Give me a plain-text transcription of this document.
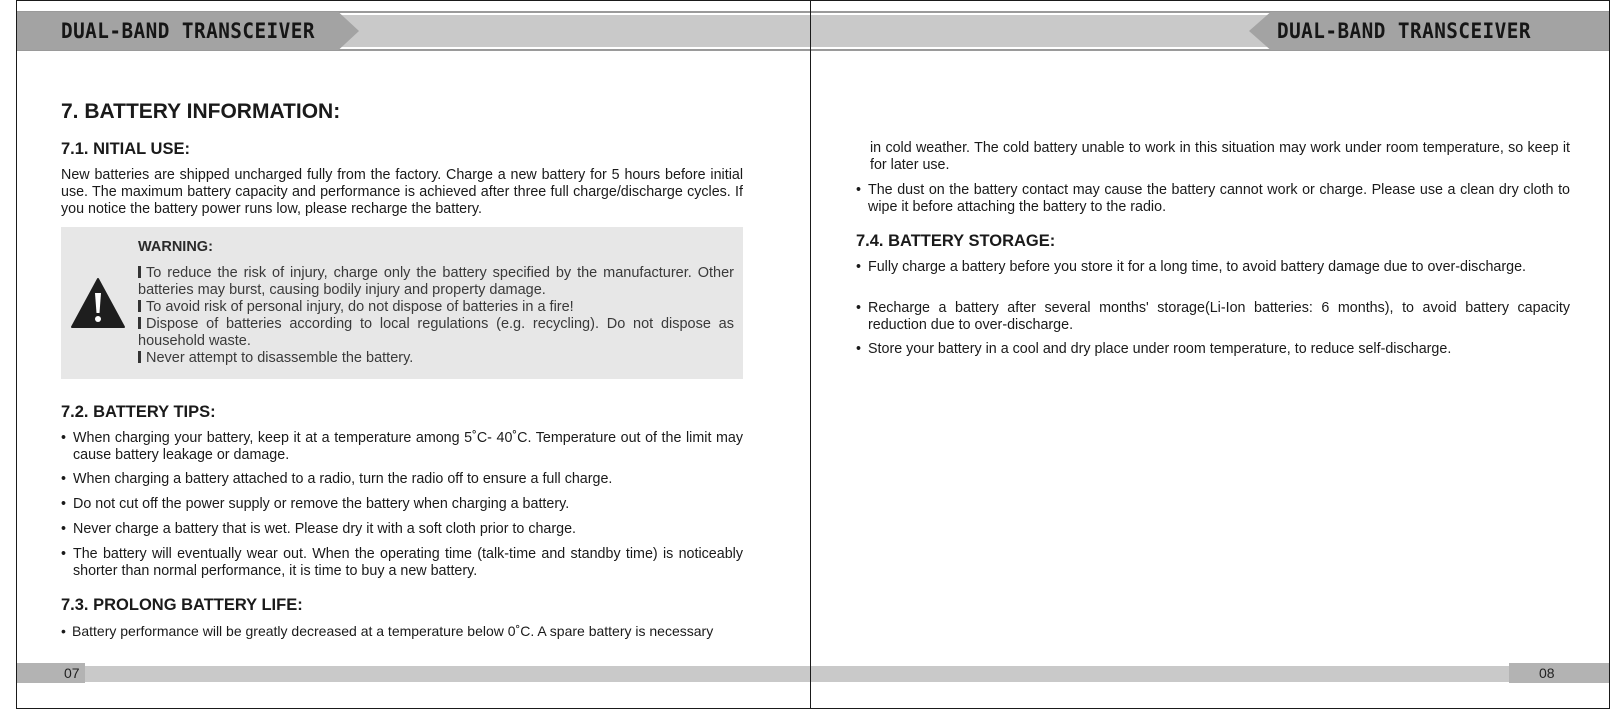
DUAL-BAND TRANSCEIVER
7. BATTERY INFORMATION:
7.1. NITIAL USE:

New batteries are shipped uncharged fully from the factory. Charge a new battery for 5 hours before initial use. The maximum battery capacity and performance is achieved after three full charge/discharge cycles. If you notice the battery power runs low, please recharge the battery.

WARNING:
To reduce the risk of injury, charge only the battery specified by the manufacturer. Other batteries may burst, causing bodily injury and property damage.
To avoid risk of personal injury, do not dispose of batteries in a fire!
Dispose of batteries according to local regulations (e.g. recycling). Do not dispose as household waste.
Never attempt to disassemble the battery.
7.2. BATTERY TIPS:
• When charging your battery, keep it at a temperature among 5˚C- 40˚C. Temperature out of the limit may cause battery leakage or damage.
• When charging a battery attached to a radio, turn the radio off to ensure a full charge.
• Do not cut off the power supply or remove the battery when charging a battery.
• Never charge a battery that is wet. Please dry it with a soft cloth prior to charge.
• The battery will eventually wear out. When the operating time (talk-time and standby time) is noticeably shorter than normal performance, it is time to buy a new battery.
7.3. PROLONG BATTERY LIFE:
• Battery performance will be greatly decreased at a temperature below 0˚C. A spare battery is necessary
07
DUAL-BAND TRANSCEIVER

in cold weather. The cold battery unable to work in this situation may work under room temperature, so keep it for later use.

• The dust on the battery contact may cause the battery cannot work or charge. Please use a clean dry cloth to wipe it before attaching the battery to the radio.
7.4. BATTERY STORAGE:
• Fully charge a battery before you store it for a long time, to avoid battery damage due to over-discharge.
• Recharge a battery after several months' storage(Li-Ion batteries: 6 months), to avoid battery capacity reduction due to over-discharge.
• Store your battery in a cool and dry place under room temperature, to reduce self-discharge.
08
